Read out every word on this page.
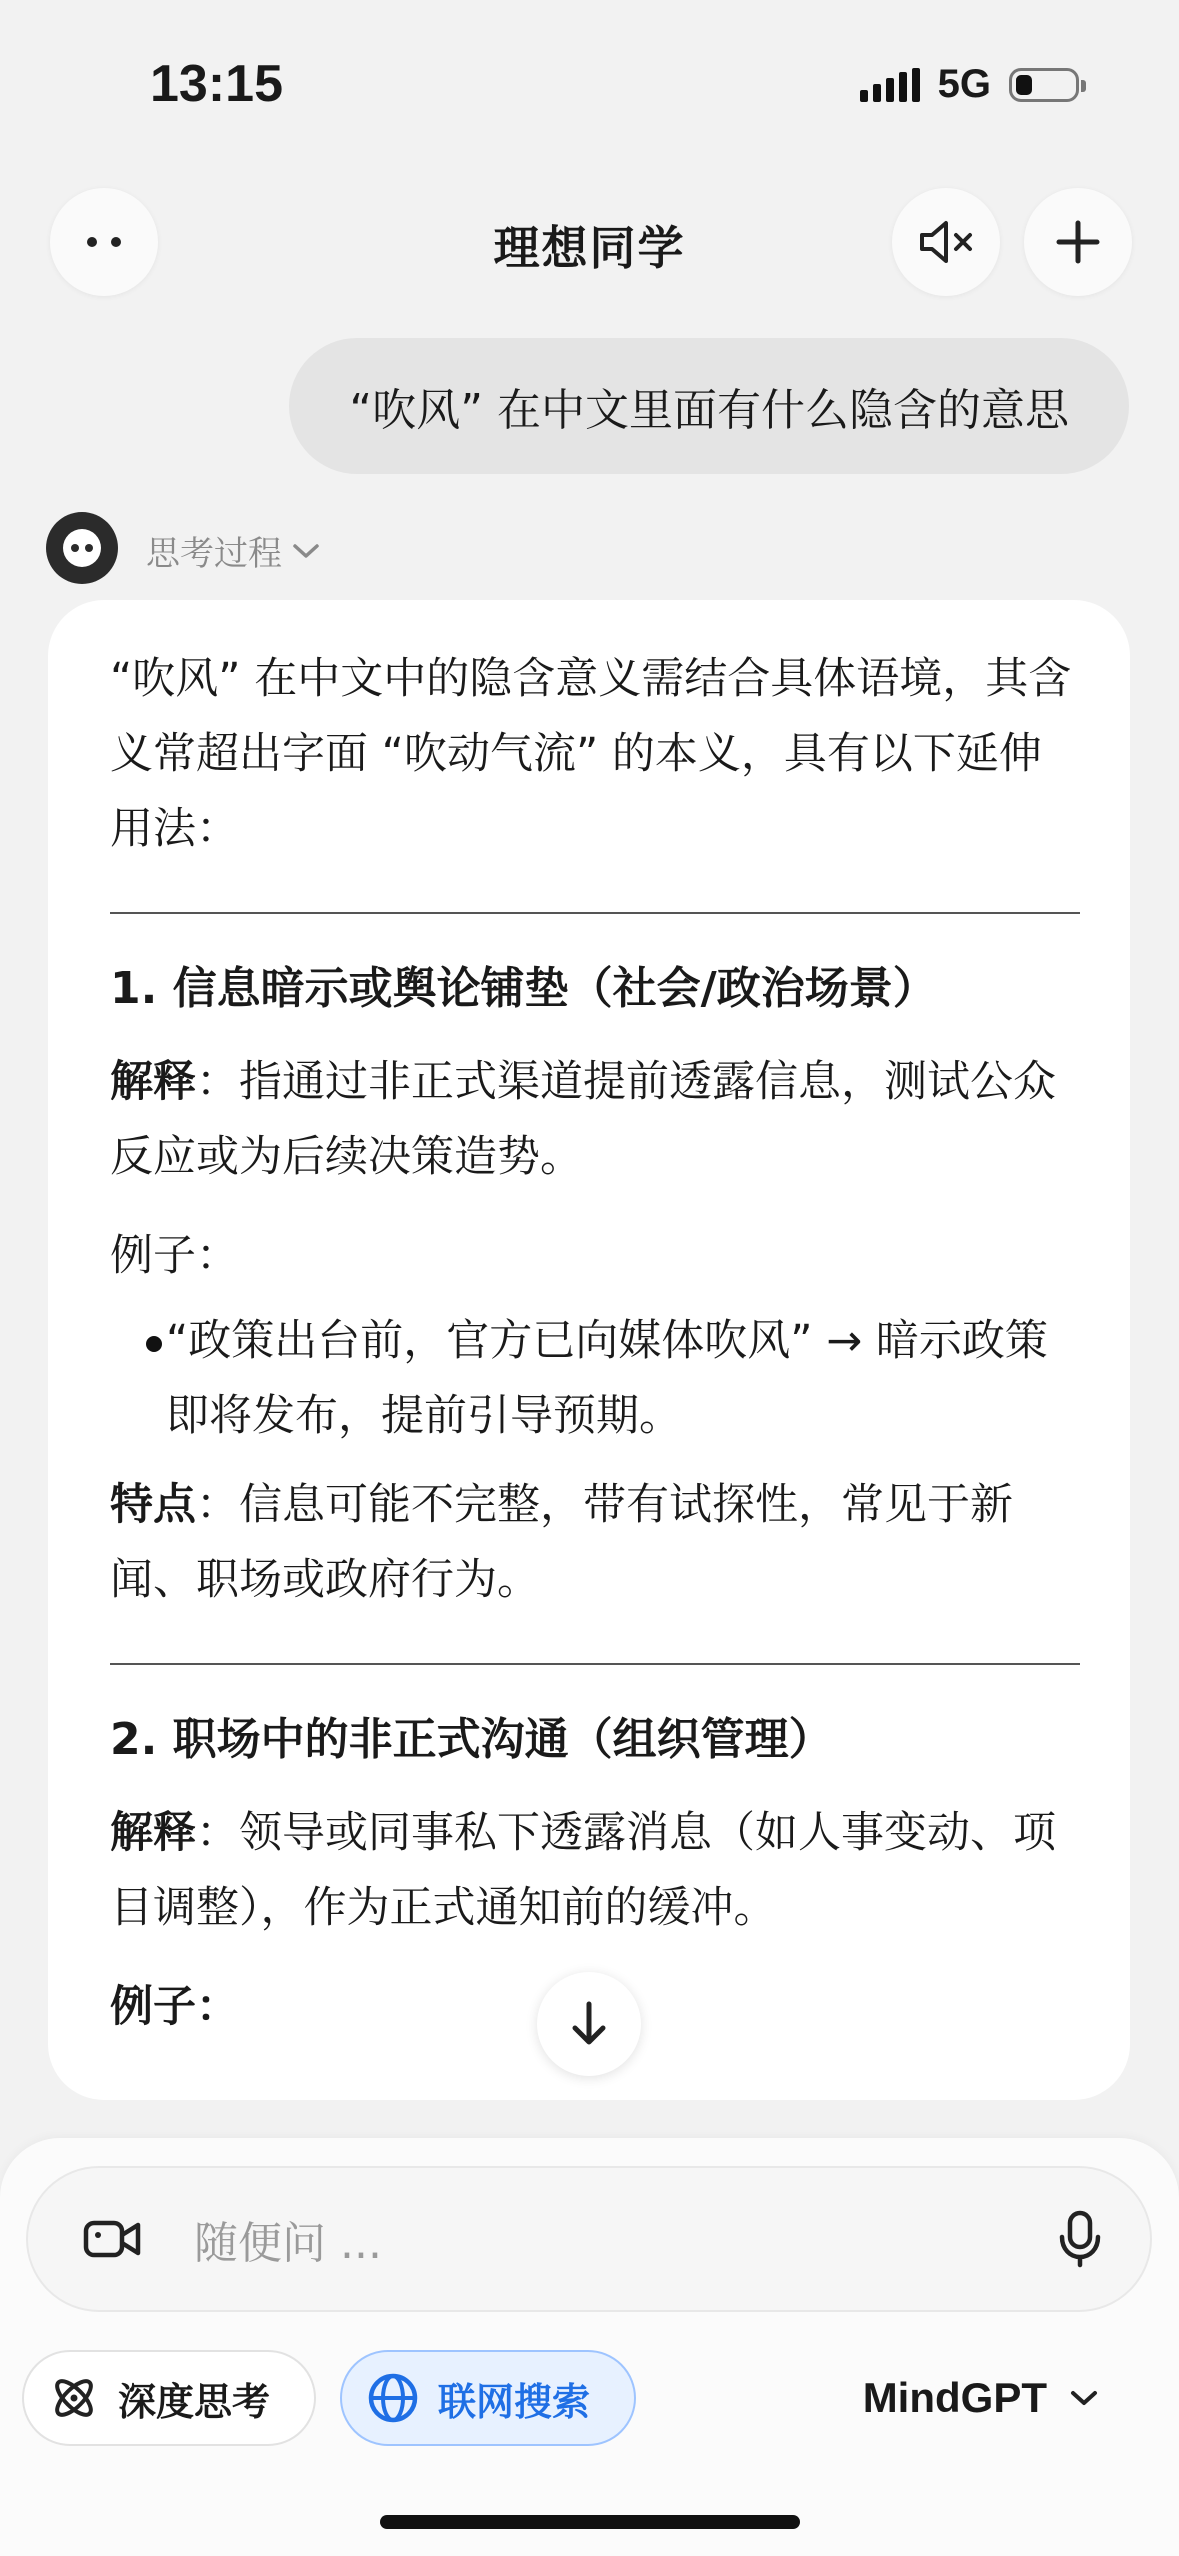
13:15	5G
理想同学
“吹风” 在中文里面有什么隐含的意思
思考过程

“吹风” 在中文中的隐含意义需结合具体语境，其含义常超出字面 “吹动气流” 的本义，具有以下延伸用法：

1. 信息暗示或舆论铺垫（社会/政治场景）

解释：指通过非正式渠道提前透露信息，测试公众反应或为后续决策造势。

例子：

“政策出台前，官方已向媒体吹风” → 暗示政策即将发布，提前引导预期。

特点：信息可能不完整，带有试探性，常见于新闻、职场或政府行为。

2. 职场中的非正式沟通（组织管理）

解释：领导或同事私下透露消息（如人事变动、项目调整），作为正式通知前的缓冲。

例子：

随便问 ...
深度思考	联网搜索	MindGPT
